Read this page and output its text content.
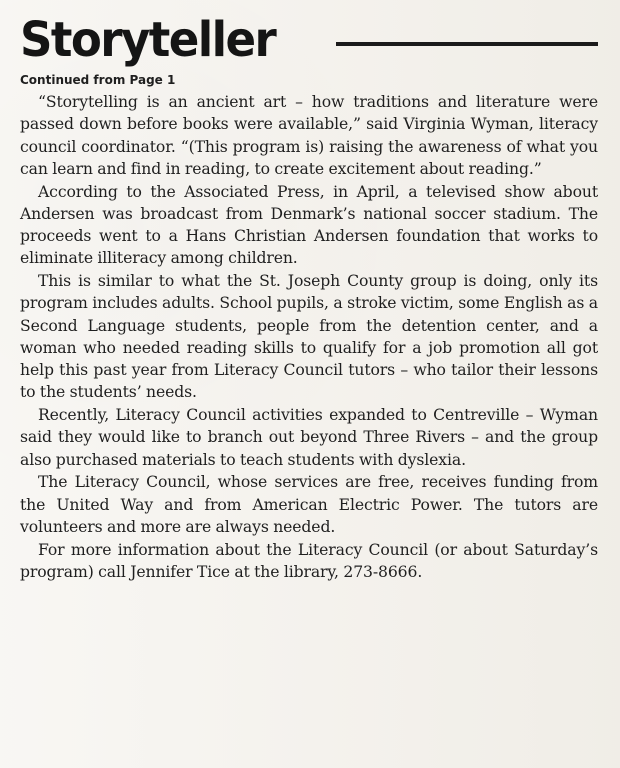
Storyteller
Continued from Page 1

“Storytelling is an ancient art – how traditions and literature were passed down before books were available,” said Virginia Wyman, literacy council coordinator. “(This program is) raising the awareness of what you can learn and find in reading, to create excitement about reading.”

According to the Associated Press, in April, a televised show about Andersen was broadcast from Denmark’s national soccer stadium. The proceeds went to a Hans Christian Andersen foundation that works to eliminate illiteracy among children.

This is similar to what the St. Joseph County group is doing, only its program includes adults. School pupils, a stroke victim, some English as a Second Language students, people from the detention center, and a woman who needed reading skills to qualify for a job promotion all got help this past year from Literacy Council tutors – who tailor their lessons to the students’ needs.

Recently, Literacy Council activities expanded to Centreville – Wyman said they would like to branch out beyond Three Rivers – and the group also purchased materials to teach students with dyslexia.

The Literacy Council, whose services are free, receives funding from the United Way and from American Electric Power. The tutors are volunteers and more are always needed.

For more information about the Literacy Council (or about Saturday’s program) call Jennifer Tice at the library, 273-8666.
